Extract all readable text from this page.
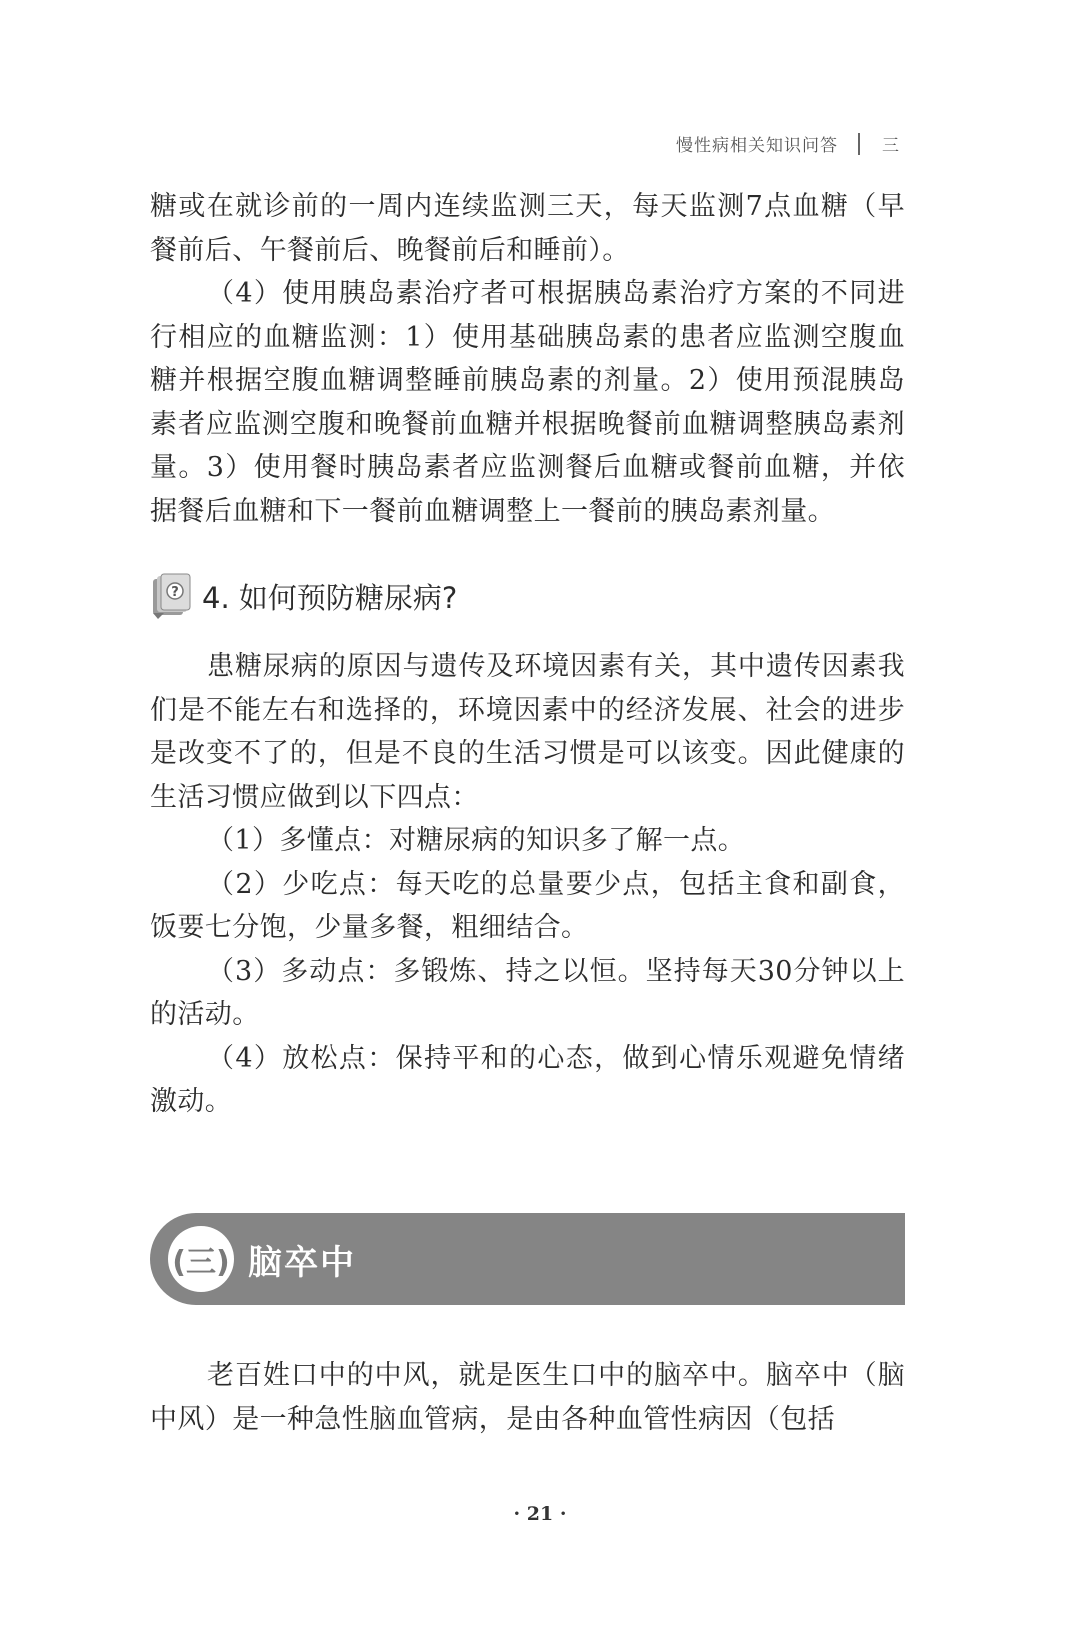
慢性病相关知识问答	三

糖或在就诊前的一周内连续监测三天，每天监测7点血糖（早餐前后、午餐前后、晚餐前后和睡前）。

（4）使用胰岛素治疗者可根据胰岛素治疗方案的不同进行相应的血糖监测：1）使用基础胰岛素的患者应监测空腹血糖并根据空腹血糖调整睡前胰岛素的剂量。2）使用预混胰岛素者应监测空腹和晚餐前血糖并根据晚餐前血糖调整胰岛素剂量。3）使用餐时胰岛素者应监测餐后血糖或餐前血糖，并依据餐后血糖和下一餐前血糖调整上一餐前的胰岛素剂量。

? 4. 如何预防糖尿病?

患糖尿病的原因与遗传及环境因素有关，其中遗传因素我们是不能左右和选择的，环境因素中的经济发展、社会的进步是改变不了的，但是不良的生活习惯是可以该变。因此健康的生活习惯应做到以下四点：

（1）多懂点：对糖尿病的知识多了解一点。

（2）少吃点：每天吃的总量要少点，包括主食和副食，饭要七分饱，少量多餐，粗细结合。

（3）多动点：多锻炼、持之以恒。坚持每天30分钟以上的活动。

（4）放松点：保持平和的心态，做到心情乐观避免情绪激动。

(三) 脑卒中

老百姓口中的中风，就是医生口中的脑卒中。脑卒中（脑中风）是一种急性脑血管病，是由各种血管性病因（包括

· 21 ·
